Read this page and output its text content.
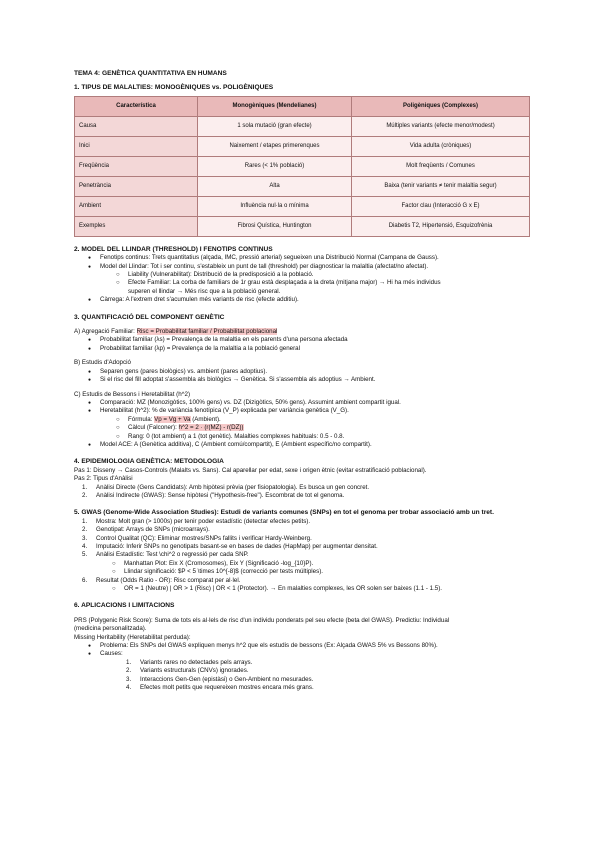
TEMA 4: GENÈTICA QUANTITATIVA EN HUMANS

1. TIPUS DE MALALTIES: MONOGÈNIQUES vs. POLIGÈNIQUES

Característica	Monogèniques (Mendelianes)	Poligèniques (Complexes)
Causa	1 sola mutació (gran efecte)	Múltiples variants (efecte menor/modest)
Inici	Naixement / etapes primerenques	Vida adulta (cròniques)
Freqüència	Rares (< 1% població)	Molt freqüents / Comunes
Penetrància	Alta	Baixa (tenir variants ≠ tenir malaltia segur)
Ambient	Influència nul·la o mínima	Factor clau (Interacció G x E)
Exemples	Fibrosi Quística, Huntington	Diabetis T2, Hipertensió, Esquizofrènia

2. MODEL DEL LLINDAR (THRESHOLD) I FENOTIPS CONTINUS

● Fenotips continus: Trets quantitatius (alçada, IMC, pressió arterial) segueixen una Distribució Normal (Campana de Gauss).
● Model del Llindar: Tot i ser continu, s'estableix un punt de tall (threshold) per diagnosticar la malaltia (afectat/no afectat).
○ Liability (Vulnerabilitat): Distribució de la predisposició a la població.
○ Efecte Familiar: La corba de familiars de 1r grau està desplaçada a la dreta (mitjana major) → Hi ha més individus
superen el llindar → Més risc que a la població general.
● Càrrega: A l'extrem dret s'acumulen més variants de risc (efecte additiu).

3. QUANTIFICACIÓ DEL COMPONENT GENÈTIC

A) Agregació Familiar: Risc = Probabilitat familiar / Probabilitat poblacional

● Probabilitat familiar (λs) = Prevalença de la malaltia en els parents d'una persona afectada
● Probabilitat familiar (λp) = Prevalença de la malaltia a la població general

B) Estudis d'Adopció

● Separen gens (pares biològics) vs. ambient (pares adoptius).
● Si el risc del fill adoptat s'assembla als biològics → Genètica. Si s'assembla als adoptius → Ambient.

C) Estudis de Bessons i Heretabilitat (h^2)

● Comparació: MZ (Monozigòtics, 100% gens) vs. DZ (Dizigòtics, 50% gens). Assumint ambient compartit igual.
● Heretabilitat (h^2): % de variància fenotípica (V_P) explicada per variància genètica (V_G).
○ Fórmula: Vp = Vg + Va (Ambient).
○ Càlcul (Falconer): h^2 = 2 · (r(MZ) - r(DZ))
○ Rang: 0 (tot ambient) a 1 (tot genètic). Malalties complexes habituals: 0.5 - 0.8.
● Model ACE: A (Genètica additiva), C (Ambient comú/compartit), E (Ambient específic/no compartit).

4. EPIDEMIOLOGIA GENÈTICA: METODOLOGIA

Pas 1: Disseny → Casos-Controls (Malalts vs. Sans). Cal aparellar per edat, sexe i origen ètnic (evitar estratificació poblacional).

Pas 2: Tipus d'Anàlisi

1. Anàlisi Directe (Gens Candidats): Amb hipòtesi prèvia (per fisiopatologia). Es busca un gen concret.
2. Anàlisi Indirecte (GWAS): Sense hipòtesi ("Hypothesis-free"). Escombrat de tot el genoma.

5. GWAS (Genome-Wide Association Studies): Estudi de variants comunes (SNPs) en tot el genoma per trobar associació amb un tret.

1. Mostra: Molt gran (> 1000s) per tenir poder estadístic (detectar efectes petits).
2. Genotipat: Arrays de SNPs (microarrays).
3. Control Qualitat (QC): Eliminar mostres/SNPs fallits i verificar Hardy-Weinberg.
4. Imputació: Inferir SNPs no genotipats basant-se en bases de dades (HapMap) per augmentar densitat.
5. Anàlisi Estadístic: Test \chi^2 o regressió per cada SNP.
○ Manhattan Plot: Eix X (Cromosomes), Eix Y (Significació -log_{10}P).
○ Llindar significació: $P < 5 \times 10^{-8}$ (correcció per tests múltiples).
6. Resultat (Odds Ratio - OR): Risc comparat per al·lel.
○ OR = 1 (Neutre) | OR > 1 (Risc) | OR < 1 (Protector). → En malalties complexes, les OR solen ser baixes (1.1 - 1.5).

6. APLICACIONS I LIMITACIONS

PRS (Polygenic Risk Score): Suma de tots els al·lels de risc d'un individu ponderats pel seu efecte (beta del GWAS). Predictiu: Individual
(medicina personalitzada).

Missing Heritability (Heretabilitat perduda):

● Problema: Els SNPs del GWAS expliquen menys h^2 que els estudis de bessons (Ex: Alçada GWAS 5% vs Bessons 80%).
● Causes:
1. Variants rares no detectades pels arrays.
2. Variants estructurals (CNVs) ignorades.
3. Interaccions Gen-Gen (epistàsi) o Gen-Ambient no mesurades.
4. Efectes molt petits que requereixen mostres encara més grans.
